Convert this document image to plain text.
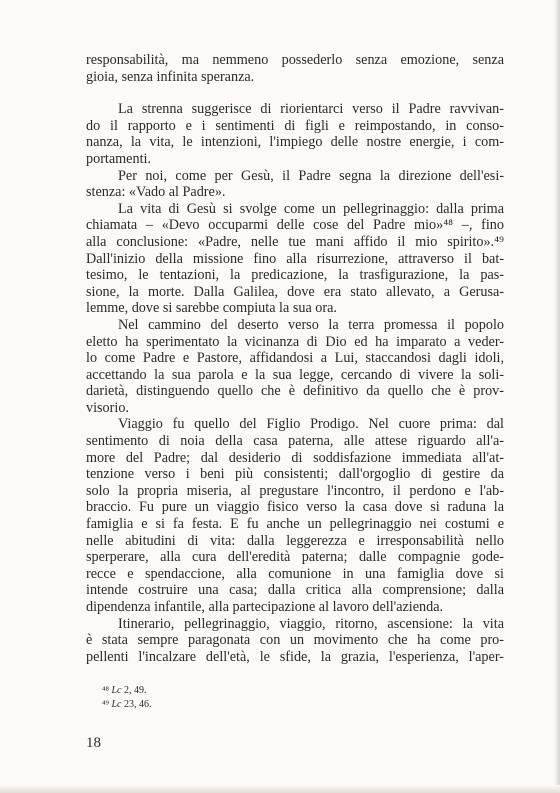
responsabilità, ma nemmeno possederlo senza emozione, senza
gioia, senza infinita speranza.
La strenna suggerisce di riorientarci verso il Padre ravvivan-
do il rapporto e i sentimenti di figli e reimpostando, in conso-
nanza, la vita, le intenzioni, l'impiego delle nostre energie, i com-
portamenti.
Per noi, come per Gesù, il Padre segna la direzione dell'esi-
stenza: «Vado al Padre».
La vita di Gesù si svolge come un pellegrinaggio: dalla prima
chiamata – «Devo occuparmi delle cose del Padre mio»⁴⁸ –, fino
alla conclusione: «Padre, nelle tue mani affido il mio spirito».⁴⁹
Dall'inizio della missione fino alla risurrezione, attraverso il bat-
tesimo, le tentazioni, la predicazione, la trasfigurazione, la pas-
sione, la morte. Dalla Galilea, dove era stato allevato, a Gerusa-
lemme, dove si sarebbe compiuta la sua ora.
Nel cammino del deserto verso la terra promessa il popolo
eletto ha sperimentato la vicinanza di Dio ed ha imparato a veder-
lo come Padre e Pastore, affidandosi a Lui, staccandosi dagli idoli,
accettando la sua parola e la sua legge, cercando di vivere la soli-
darietà, distinguendo quello che è definitivo da quello che è prov-
visorio.
Viaggio fu quello del Figlio Prodigo. Nel cuore prima: dal
sentimento di noia della casa paterna, alle attese riguardo all'a-
more del Padre; dal desiderio di soddisfazione immediata all'at-
tenzione verso i beni più consistenti; dall'orgoglio di gestire da
solo la propria miseria, al pregustare l'incontro, il perdono e l'ab-
braccio. Fu pure un viaggio fisico verso la casa dove si raduna la
famiglia e si fa festa. E fu anche un pellegrinaggio nei costumi e
nelle abitudini di vita: dalla leggerezza e irresponsabilità nello
sperperare, alla cura dell'eredità paterna; dalle compagnie gode-
recce e spendaccione, alla comunione in una famiglia dove si
intende costruire una casa; dalla critica alla comprensione; dalla
dipendenza infantile, alla partecipazione al lavoro dell'azienda.
Itinerario, pellegrinaggio, viaggio, ritorno, ascensione: la vita
è stata sempre paragonata con un movimento che ha come pro-
pellenti l'incalzare dell'età, le sfide, la grazia, l'esperienza, l'aper-
⁴⁸ Lc 2, 49.
⁴⁹ Lc 23, 46.
18
